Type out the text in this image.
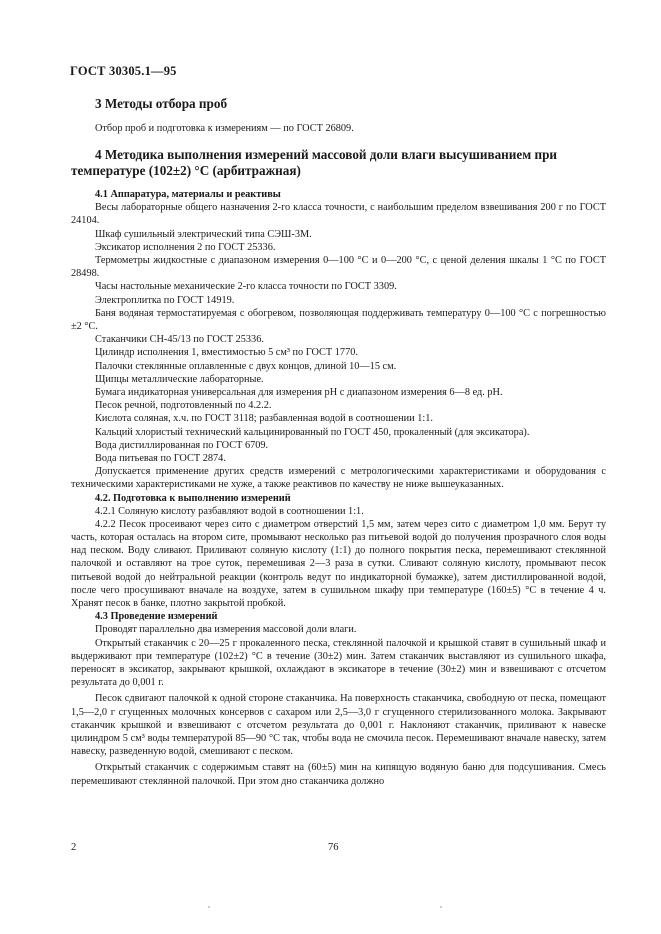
ГОСТ 30305.1—95
3 Методы отбора проб

Отбор проб и подготовка к измерениям — по ГОСТ 26809.

4 Методика выполнения измерений массовой доли влаги высушиванием при температуре (102±2) °С (арбитражная)
4.1 Аппаратура, материалы и реактивы

Весы лабораторные общего назначения 2-го класса точности, с наибольшим пределом взвешивания 200 г по ГОСТ 24104.

Шкаф сушильный электрический типа СЭШ-3М.

Эксикатор исполнения 2 по ГОСТ 25336.

Термометры жидкостные с диапазоном измерения 0—100 °С и 0—200 °С, с ценой деления шкалы 1 °С по ГОСТ 28498.

Часы настольные механические 2-го класса точности по ГОСТ 3309.

Электроплитка по ГОСТ 14919.

Баня водяная термостатируемая с обогревом, позволяющая поддерживать температуру 0—100 °С с погрешностью ±2 °С.

Стаканчики СН-45/13 по ГОСТ 25336.

Цилиндр исполнения 1, вместимостью 5 см³ по ГОСТ 1770.

Палочки стеклянные оплавленные с двух концов, длиной 10—15 см.

Щипцы металлические лабораторные.

Бумага индикаторная универсальная для измерения рН с диапазоном измерения 6—8 ед. рН.

Песок речной, подготовленный по 4.2.2.

Кислота соляная, х.ч. по ГОСТ 3118; разбавленная водой в соотношении 1:1.

Кальций хлористый технический кальцинированный по ГОСТ 450, прокаленный (для эксикатора).

Вода дистиллированная по ГОСТ 6709.

Вода питьевая по ГОСТ 2874.

Допускается применение других средств измерений с метрологическими характеристиками и оборудования с техническими характеристиками не хуже, а также реактивов по качеству не ниже вышеуказанных.

4.2. Подготовка к выполнению измерений

4.2.1 Соляную кислоту разбавляют водой в соотношении 1:1.

4.2.2 Песок просеивают через сито с диаметром отверстий 1,5 мм, затем через сито с диаметром 1,0 мм. Берут ту часть, которая осталась на втором сите, промывают несколько раз питьевой водой до получения прозрачного слоя воды над песком. Воду сливают. Приливают соляную кислоту (1:1) до полного покрытия песка, перемешивают стеклянной палочкой и оставляют на трое суток, перемешивая 2—3 раза в сутки. Сливают соляную кислоту, промывают песок питьевой водой до нейтральной реакции (контроль ведут по индикаторной бумажке), затем дистиллированной водой, после чего просушивают вначале на воздухе, затем в сушильном шкафу при температуре (160±5) °С в течение 4 ч. Хранят песок в банке, плотно закрытой пробкой.

4.3 Проведение измерений

Проводят параллельно два измерения массовой доли влаги.

Открытый стаканчик с 20—25 г прокаленного песка, стеклянной палочкой и крышкой ставят в сушильный шкаф и выдерживают при температуре (102±2) °С в течение (30±2) мин. Затем стаканчик выставляют из сушильного шкафа, переносят в эксикатор, закрывают крышкой, охлаждают в эксикаторе в течение (30±2) мин и взвешивают с отсчетом результата до 0,001 г.

Песок сдвигают палочкой к одной стороне стаканчика. На поверхность стаканчика, свободную от песка, помещают 1,5—2,0 г сгущенных молочных консервов с сахаром или 2,5—3,0 г сгущенного стерилизованного молока. Закрывают стаканчик крышкой и взвешивают с отсчетом результата до 0,001 г. Наклоняют стаканчик, приливают к навеске цилиндром 5 см³ воды температурой 85—90 °С так, чтобы вода не смочила песок. Перемешивают вначале навеску, затем навеску, разведенную водой, смешивают с песком.

Открытый стаканчик с содержимым ставят на (60±5) мин на кипящую водяную баню для подсушивания. Смесь перемешивают стеклянной палочкой. При этом дно стаканчика должно

2	76
